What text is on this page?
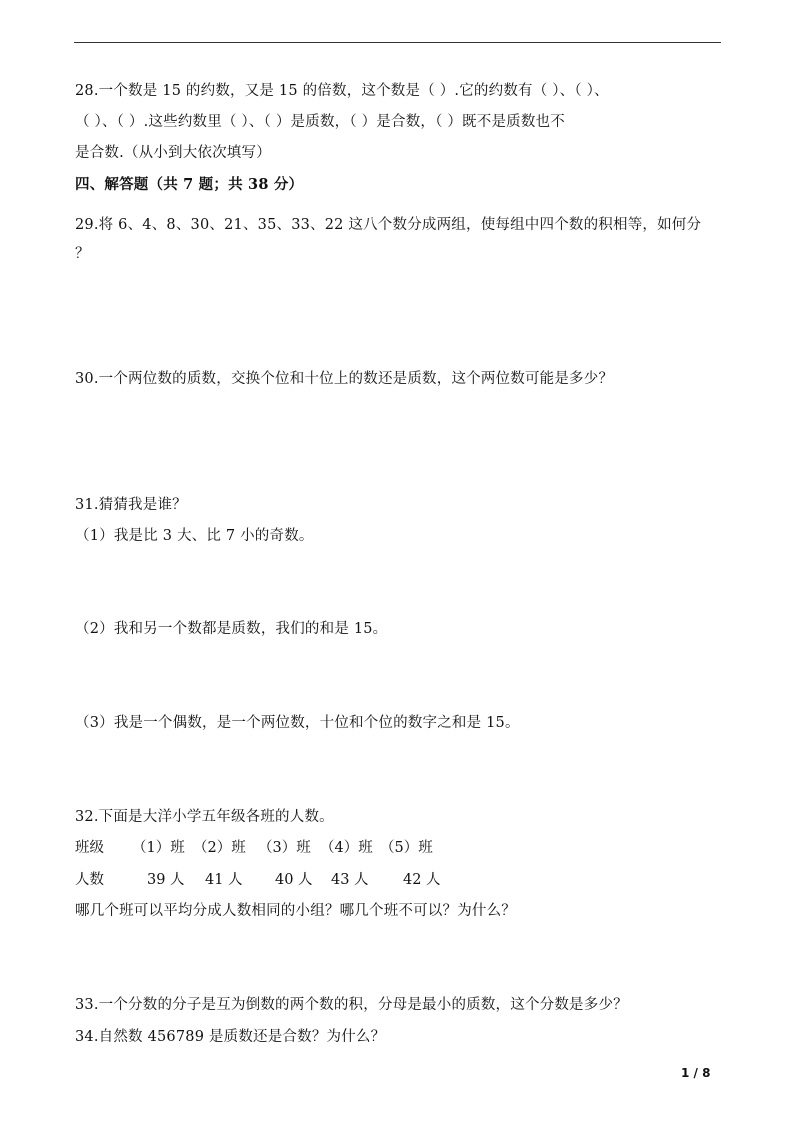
28.一个数是 15 的约数，又是 15 的倍数，这个数是（ ）.它的约数有（ ）、（ ）、
（ ）、（ ）.这些约数里（ ）、（ ）是质数，（ ）是合数，（ ）既不是质数也不
是合数.（从小到大依次填写）
四、解答题（共 7 题；共 38 分）
29.将 6、4、8、30、21、35、33、22 这八个数分成两组，使每组中四个数的积相等，如何分
？
30.一个两位数的质数，交换个位和十位上的数还是质数，这个两位数可能是多少？
31.猜猜我是谁？
（1）我是比 3 大、比 7 小的奇数。
（2）我和另一个数都是质数，我们的和是 15。
（3）我是一个偶数，是一个两位数，十位和个位的数字之和是 15。
32.下面是大洋小学五年级各班的人数。
班级 （1）班 （2）班 （3）班 （4）班 （5）班
人数	39 人 41 人 40 人 43 人 42 人
哪几个班可以平均分成人数相同的小组？哪几个班不可以？为什么？
33.一个分数的分子是互为倒数的两个数的积，分母是最小的质数，这个分数是多少？
34.自然数 456789 是质数还是合数？为什么？
1 / 8
